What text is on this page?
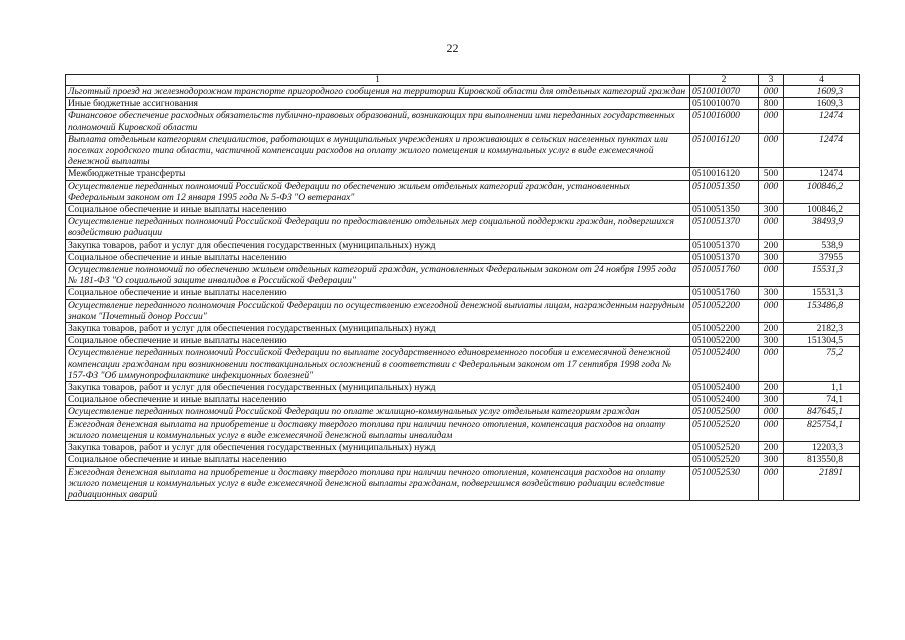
22
1	2	3	4
Льготный проезд на железнодорожном транспорте пригородного сообщения на территории Кировской области для отдельных категорий граждан	0510010070	000	1609,3
Иные бюджетные ассигнования	0510010070	800	1609,3
Финансовое обеспечение расходных обязательств публично-правовых образований, возникающих при выполнении ими переданных государственных полномочий Кировской области	0510016000	000	12474
Выплата отдельным категориям специалистов, работающих в муниципальных учреждениях и проживающих в сельских населенных пунктах или поселках городского типа области, частичной компенсации расходов на оплату жилого помещения и коммунальных услуг в виде ежемесячной денежной выплаты	0510016120	000	12474
Межбюджетные трансферты	0510016120	500	12474
Осуществление переданных полномочий Российской Федерации по обеспечению жильем отдельных категорий граждан, установленных Федеральным законом от 12 января 1995 года № 5-ФЗ "О ветеранах"	0510051350	000	100846,2
Социальное обеспечение и иные выплаты населению	0510051350	300	100846,2
Осуществление переданных полномочий Российской Федерации по предоставлению отдельных мер социальной поддержки граждан, подвергшихся воздействию радиации	0510051370	000	38493,9
Закупка товаров, работ и услуг для обеспечения государственных (муниципальных) нужд	0510051370	200	538,9
Социальное обеспечение и иные выплаты населению	0510051370	300	37955
Осуществление полномочий по обеспечению жильем отдельных категорий граждан, установленных Федеральным законом от 24 ноября 1995 года № 181-ФЗ "О социальной защите инвалидов в Российской Федерации"	0510051760	000	15531,3
Социальное обеспечение и иные выплаты населению	0510051760	300	15531,3
Осуществление переданного полномочия Российской Федерации по осуществлению ежегодной денежной выплаты лицам, награжденным нагрудным знаком "Почетный донор России"	0510052200	000	153486,8
Закупка товаров, работ и услуг для обеспечения государственных (муниципальных) нужд	0510052200	200	2182,3
Социальное обеспечение и иные выплаты населению	0510052200	300	151304,5
Осуществление переданных полномочий Российской Федерации по выплате государственного единовременного пособия и ежемесячной денежной компенсации гражданам при возникновении поствакцинальных осложнений в соответствии с Федеральным законом от 17 сентября 1998 года № 157-ФЗ "Об иммунопрофилактике инфекционных болезней"	0510052400	000	75,2
Закупка товаров, работ и услуг для обеспечения государственных (муниципальных) нужд	0510052400	200	1,1
Социальное обеспечение и иные выплаты населению	0510052400	300	74,1
Осуществление переданных полномочий Российской Федерации по оплате жилищно-коммунальных услуг отдельным категориям граждан	0510052500	000	847645,1
Ежегодная денежная выплата на приобретение и доставку твердого топлива при наличии печного отопления, компенсация расходов на оплату жилого помещения и коммунальных услуг в виде ежемесячной денежной выплаты инвалидам	0510052520	000	825754,1
Закупка товаров, работ и услуг для обеспечения государственных (муниципальных) нужд	0510052520	200	12203,3
Социальное обеспечение и иные выплаты населению	0510052520	300	813550,8
Ежегодная денежная выплата на приобретение и доставку твердого топлива при наличии печного отопления, компенсация расходов на оплату жилого помещения и коммунальных услуг в виде ежемесячной денежной выплаты гражданам, подвергшимся воздействию радиации вследствие радиационных аварий	0510052530	000	21891
